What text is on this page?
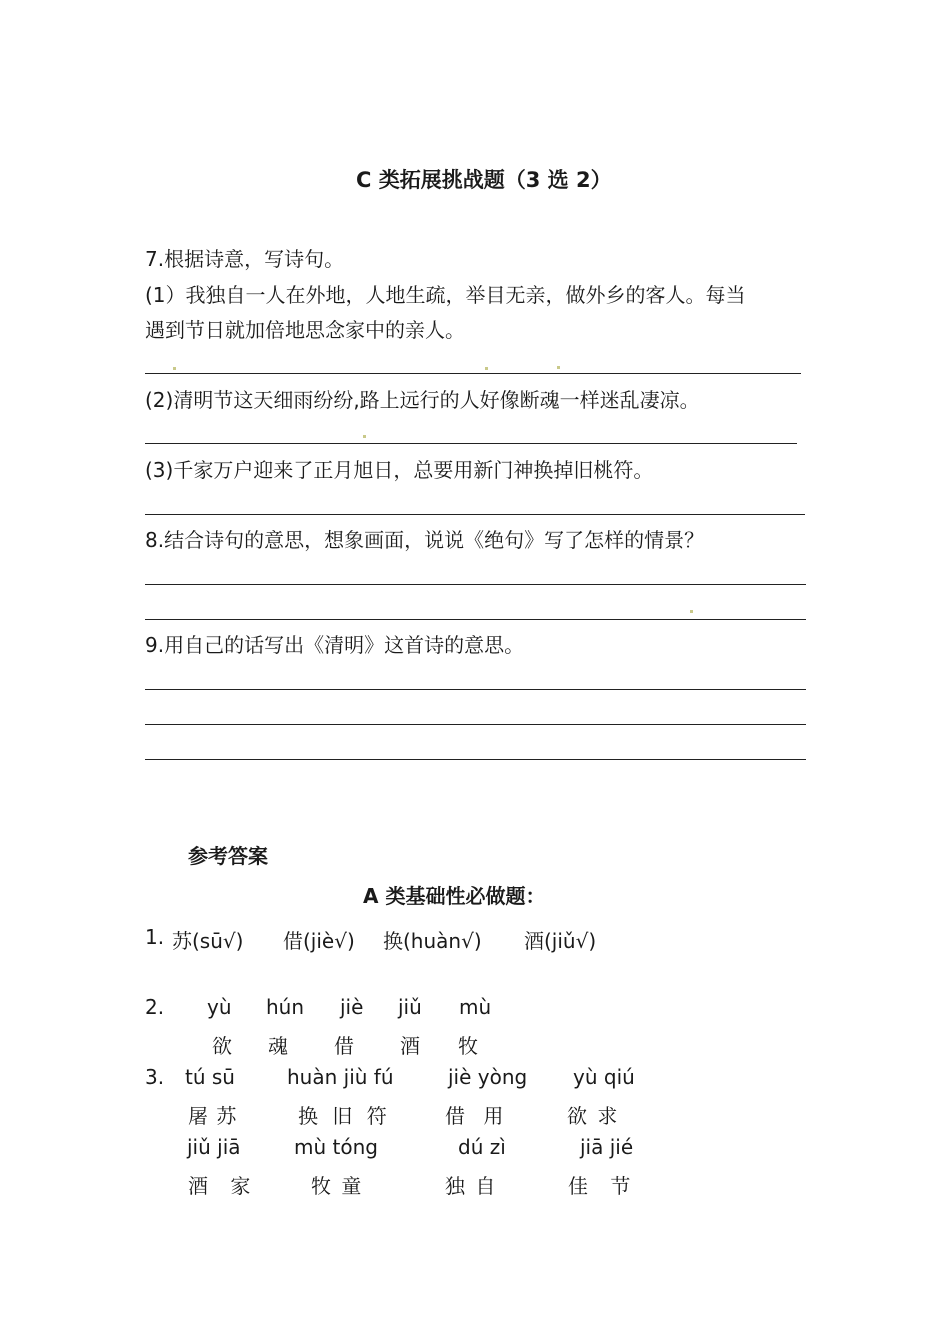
C 类拓展挑战题（3 选 2）
7.根据诗意，写诗句。
(1）我独自一人在外地，人地生疏，举目无亲，做外乡的客人。每当
遇到节日就加倍地思念家中的亲人。
(2)清明节这天细雨纷纷,路上远行的人好像断魂一样迷乱凄凉。
(3)千家万户迎来了正月旭日，总要用新门神换掉旧桃符。
8.结合诗句的意思，想象画面，说说《绝句》写了怎样的情景？
9.用自己的话写出《清明》这首诗的意思。
参考答案
A 类基础性必做题：
1. 苏(sū√) 借(jiè√) 换(huàn√) 酒(jiǔ√)
2. yù hún jiè jiǔ mù
欲 魂 借 酒 牧
3. tú sū	huàn jiù fú	jiè yòng yù qiú
屠 苏	换 旧 符	借 用	欲 求
jiǔ jiā	mù tóng	dú zì	jiā jié
酒 家	牧 童	独 自	佳 节
